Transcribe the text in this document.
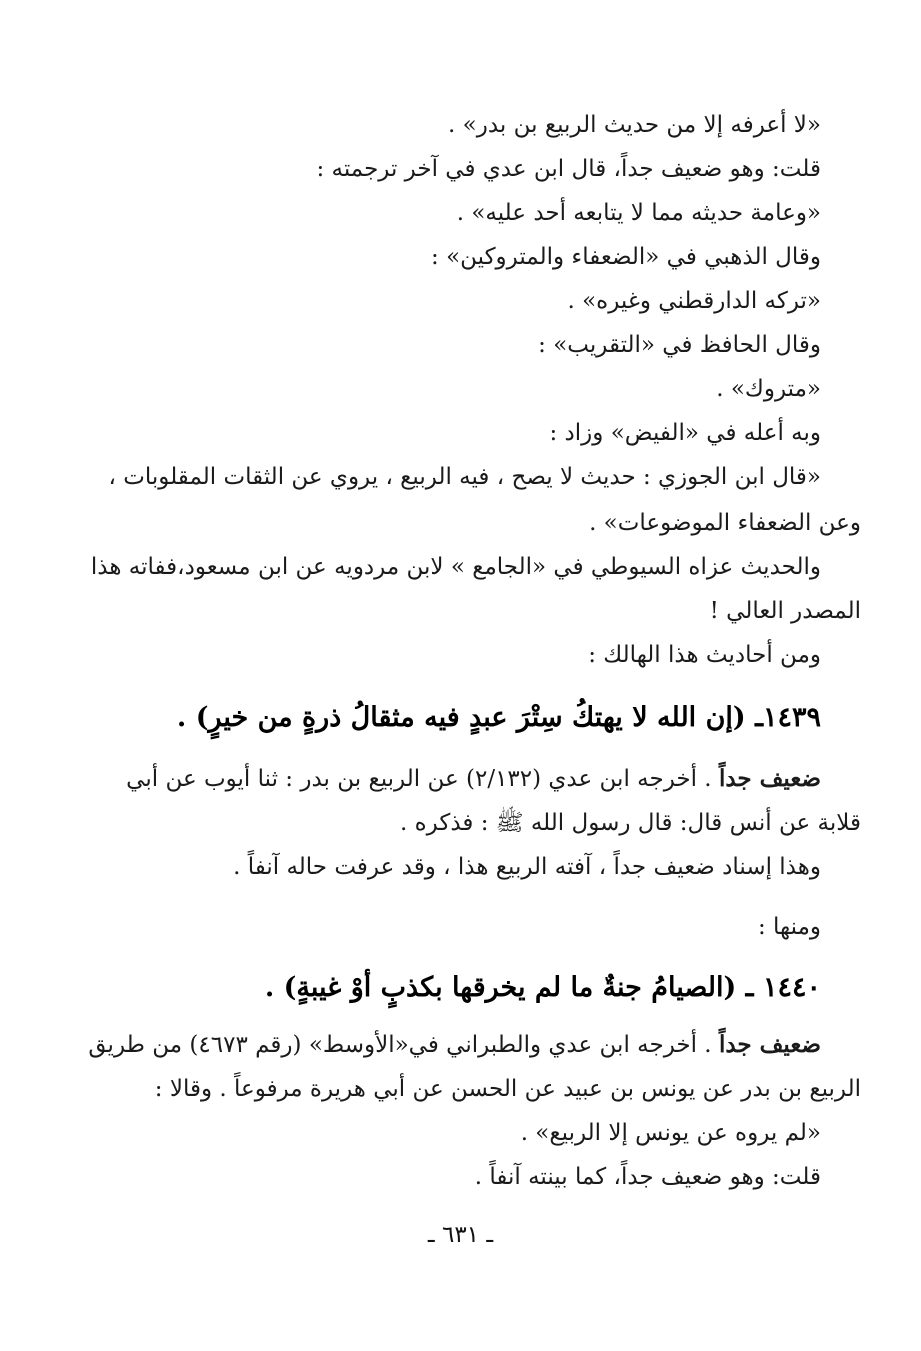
«لا أعرفه إلا من حديث الربيع بن بدر» .
قلت: وهو ضعيف جداً، قال ابن عدي في آخر ترجمته :
«وعامة حديثه مما لا يتابعه أحد عليه» .
وقال الذهبي في «الضعفاء والمتروكين» :
«تركه الدارقطني وغيره» .
وقال الحافظ في «التقريب» :
«متروك» .
وبه أعله في «الفيض» وزاد :
«قال ابن الجوزي : حديث لا يصح ، فيه الربيع ، يروي عن الثقات المقلوبات ،
وعن الضعفاء الموضوعات» .
والحديث عزاه السيوطي في «الجامع » لابن مردويه عن ابن مسعود،ففاته هذا
المصدر العالي !
ومن أحاديث هذا الهالك :
١٤٣٩ـ (إن الله لا يهتكُ سِتْرَ عبدٍ فيه مثقالُ ذرةٍ من خيرٍ) .
ضعيف جداً . أخرجه ابن عدي (٢/١٣٢) عن الربيع بن بدر : ثنا أيوب عن أبي
قلابة عن أنس قال: قال رسول الله ﷺ : فذكره .
وهذا إسناد ضعيف جداً ، آفته الربيع هذا ، وقد عرفت حاله آنفاً .
ومنها :
١٤٤٠ ـ (الصيامُ جنةٌ ما لم يخرقها بكذبٍ أوْ غيبةٍ) .
ضعيف جداً . أخرجه ابن عدي والطبراني في«الأوسط» (رقم ٤٦٧٣) من طريق
الربيع بن بدر عن يونس بن عبيد عن الحسن عن أبي هريرة مرفوعاً . وقالا :
«لم يروه عن يونس إلا الربيع» .
قلت: وهو ضعيف جداً، كما بينته آنفاً .
ـ ٦٣١ ـ
